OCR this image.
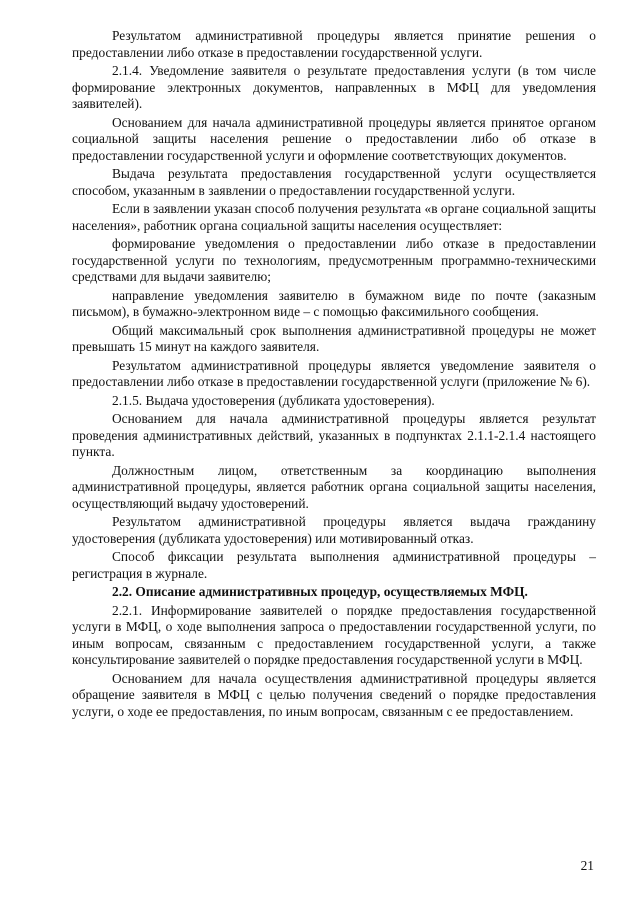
Результатом административной процедуры является принятие решения о предоставлении либо отказе в предоставлении государственной услуги.

2.1.4. Уведомление заявителя о результате предоставления услуги (в том числе формирование электронных документов, направленных в МФЦ для уведомления заявителей).

Основанием для начала административной процедуры является принятое органом социальной защиты населения решение о предоставлении либо об отказе в предоставлении государственной услуги и оформление соответствующих документов.

Выдача результата предоставления государственной услуги осуществляется способом, указанным в заявлении о предоставлении государственной услуги.

Если в заявлении указан способ получения результата «в органе социальной защиты населения», работник органа социальной защиты населения осуществляет:

формирование уведомления о предоставлении либо отказе в предоставлении государственной услуги по технологиям, предусмотренным программно-техническими средствами для выдачи заявителю;

направление уведомления заявителю в бумажном виде по почте (заказным письмом), в бумажно-электронном виде – с помощью факсимильного сообщения.

Общий максимальный срок выполнения административной процедуры не может превышать 15 минут на каждого заявителя.

Результатом административной процедуры является уведомление заявителя о предоставлении либо отказе в предоставлении государственной услуги (приложение № 6).

2.1.5. Выдача удостоверения (дубликата удостоверения).

Основанием для начала административной процедуры является результат проведения административных действий, указанных в подпунктах 2.1.1-2.1.4 настоящего пункта.

Должностным лицом, ответственным за координацию выполнения административной процедуры, является работник органа социальной защиты населения, осуществляющий выдачу удостоверений.

Результатом административной процедуры является выдача гражданину удостоверения (дубликата удостоверения) или мотивированный отказ.

Способ фиксации результата выполнения административной процедуры – регистрация в журнале.

2.2. Описание административных процедур, осуществляемых МФЦ.

2.2.1. Информирование заявителей о порядке предоставления государственной услуги в МФЦ, о ходе выполнения запроса о предоставлении государственной услуги, по иным вопросам, связанным с предоставлением государственной услуги, а также консультирование заявителей о порядке предоставления государственной услуги в МФЦ.

Основанием для начала осуществления административной процедуры является обращение заявителя в МФЦ с целью получения сведений о порядке предоставления услуги, о ходе ее предоставления, по иным вопросам, связанным с ее предоставлением.

21
